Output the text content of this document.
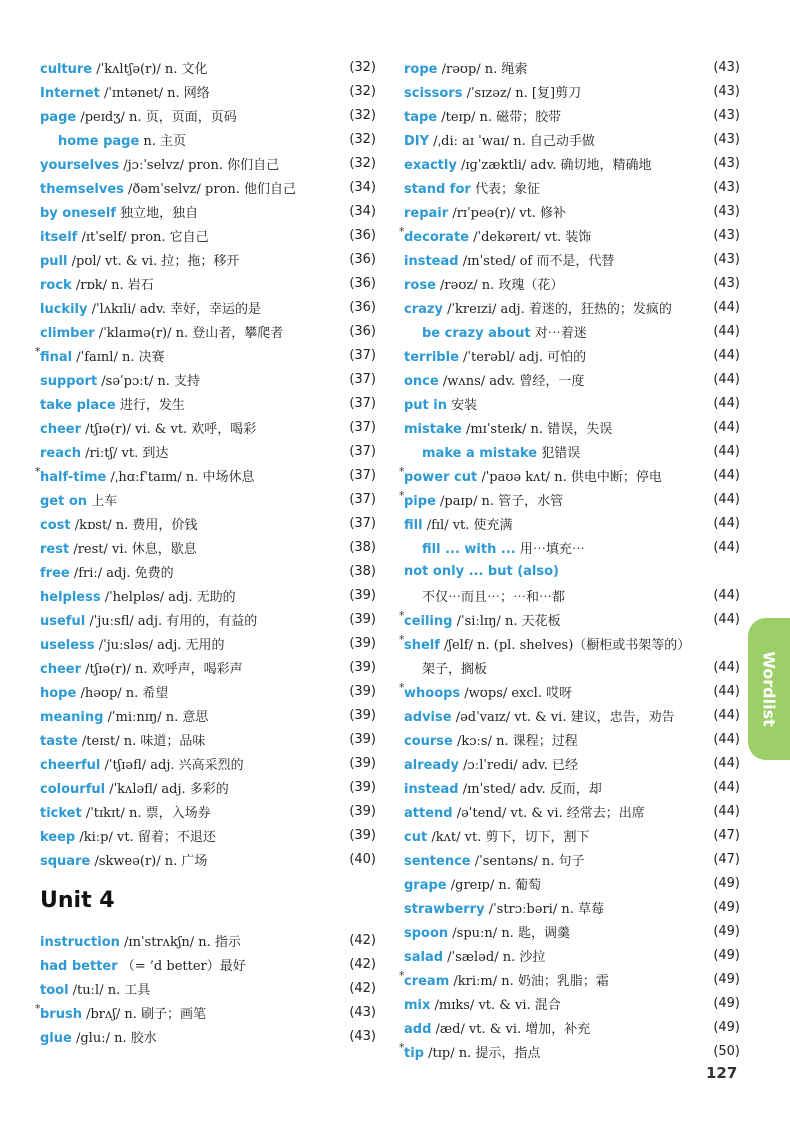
culture /ˈkʌltʃə(r)/ n. 文化	(32)
Internet /ˈɪntənet/ n. 网络	(32)
page /peɪdʒ/ n. 页，页面，页码	(32)
home page n. 主页	(32)
yourselves /jɔːˈselvz/ pron. 你们自己	(32)
themselves /ðəmˈselvz/ pron. 他们自己	(34)
by oneself 独立地，独自	(34)
itself /ɪtˈself/ pron. 它自己	(36)
pull /pʊl/ vt. & vi. 拉；拖；移开	(36)
rock /rɒk/ n. 岩石	(36)
luckily /ˈlʌkɪli/ adv. 幸好，幸运的是	(36)
climber /ˈklaɪmə(r)/ n. 登山者，攀爬者	(36)
* final /ˈfaɪnl/ n. 决赛	(37)
support /səˈpɔːt/ n. 支持	(37)
take place 进行，发生	(37)
cheer /tʃɪə(r)/ vi. & vt. 欢呼，喝彩	(37)
reach /riːtʃ/ vt. 到达	(37)
* half-time /ˌhɑːfˈtaɪm/ n. 中场休息	(37)
get on 上车	(37)
cost /kɒst/ n. 费用，价钱	(37)
rest /rest/ vi. 休息，歇息	(38)
free /friː/ adj. 免费的	(38)
helpless /ˈhelpləs/ adj. 无助的	(39)
useful /ˈjuːsfl/ adj. 有用的，有益的	(39)
useless /ˈjuːsləs/ adj. 无用的	(39)
cheer /tʃɪə(r)/ n. 欢呼声，喝彩声	(39)
hope /həʊp/ n. 希望	(39)
meaning /ˈmiːnɪŋ/ n. 意思	(39)
taste /teɪst/ n. 味道；品味	(39)
cheerful /ˈtʃɪəfl/ adj. 兴高采烈的	(39)
colourful /ˈkʌləfl/ adj. 多彩的	(39)
ticket /ˈtɪkɪt/ n. 票，入场券	(39)
keep /kiːp/ vt. 留着；不退还	(39)
square /skweə(r)/ n. 广场	(40)
Unit 4
instruction /ɪnˈstrʌkʃn/ n. 指示	(42)
had better （= ’d better）最好	(42)
tool /tuːl/ n. 工具	(42)
* brush /brʌʃ/ n. 刷子；画笔	(43)
glue /gluː/ n. 胶水	(43)
rope /rəʊp/ n. 绳索	(43)
scissors /ˈsɪzəz/ n. [复]剪刀	(43)
tape /teɪp/ n. 磁带；胶带	(43)
DIY /ˌdiː aɪ ˈwaɪ/ n. 自己动手做	(43)
exactly /ɪɡˈzæktli/ adv. 确切地，精确地	(43)
stand for 代表；象征	(43)
repair /rɪˈpeə(r)/ vt. 修补	(43)
* decorate /ˈdekəreɪt/ vt. 装饰	(43)
instead /ɪnˈsted/ of 而不是，代替	(43)
rose /rəʊz/ n. 玫瑰（花）	(43)
crazy /ˈkreɪzi/ adj. 着迷的，狂热的；发疯的	(44)
be crazy about 对⋯着迷	(44)
terrible /ˈterəbl/ adj. 可怕的	(44)
once /wʌns/ adv. 曾经，一度	(44)
put in 安装	(44)
mistake /mɪˈsteɪk/ n. 错误，失误	(44)
make a mistake 犯错误	(44)
* power cut /ˈpaʊə kʌt/ n. 供电中断；停电	(44)
* pipe /paɪp/ n. 管子，水管	(44)
fill /fɪl/ vt. 使充满	(44)
fill ... with ... 用⋯填充⋯	(44)
not only ... but (also)
不仅⋯而且⋯；⋯和⋯都	(44)
* ceiling /ˈsiːlɪŋ/ n. 天花板	(44)
* shelf /ʃelf/ n. (pl. shelves)（橱柜或书架等的）
架子，搁板	(44)
* whoops /wʊps/ excl. 哎呀	(44)
advise /ədˈvaɪz/ vt. & vi. 建议，忠告，劝告	(44)
course /kɔːs/ n. 课程；过程	(44)
already /ɔːlˈredi/ adv. 已经	(44)
instead /ɪnˈsted/ adv. 反而，却	(44)
attend /əˈtend/ vt. & vi. 经常去；出席	(44)
cut /kʌt/ vt. 剪下，切下，割下	(47)
sentence /ˈsentəns/ n. 句子	(47)
grape /greɪp/ n. 葡萄	(49)
strawberry /ˈstrɔːbəri/ n. 草莓	(49)
spoon /spuːn/ n. 匙，调羹	(49)
salad /ˈsæləd/ n. 沙拉	(49)
* cream /kriːm/ n. 奶油；乳脂；霜	(49)
mix /mɪks/ vt. & vi. 混合	(49)
add /æd/ vt. & vi. 增加，补充	(49)
* tip /tɪp/ n. 提示，指点	(50)
Wordlist
127
